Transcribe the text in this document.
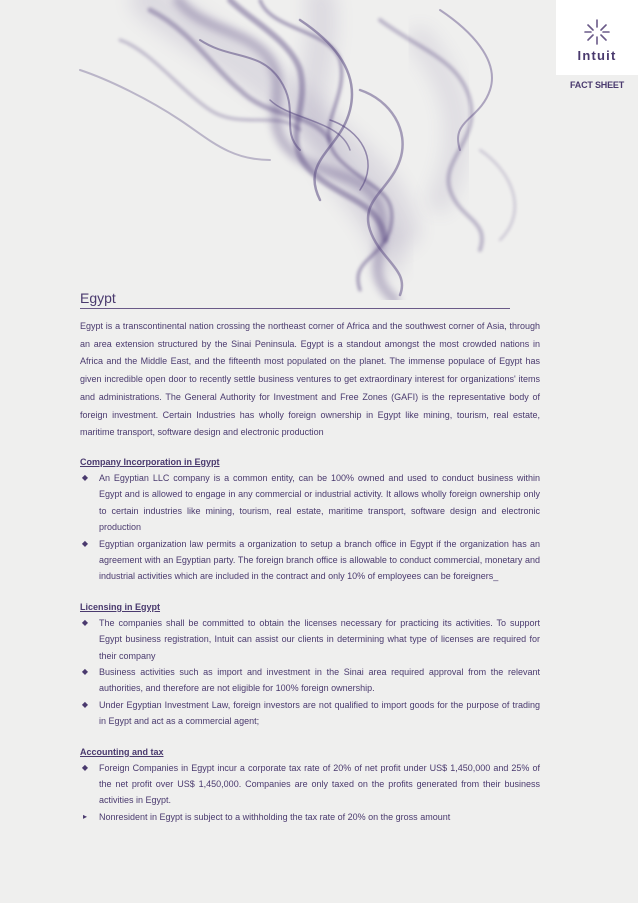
Intuit
FACT SHEET
Egypt

Egypt is a transcontinental nation crossing the northeast corner of Africa and the southwest corner of Asia, through an area extension structured by the Sinai Peninsula. Egypt is a standout amongst the most crowded nations in Africa and the Middle East, and the fifteenth most populated on the planet. The immense populace of Egypt has given incredible open door to recently settle business ventures to get extraordinary interest for organizations' items and administrations. The General Authority for Investment and Free Zones (GAFI) is the representative body of foreign investment. Certain Industries has wholly foreign ownership in Egypt like mining, tourism, real estate, maritime transport, software design and electronic production

Company Incorporation in Egypt
◆ An Egyptian LLC company is a common entity, can be 100% owned and used to conduct business within Egypt and is allowed to engage in any commercial or industrial activity. It allows wholly foreign ownership only to certain industries like mining, tourism, real estate, maritime transport, software design and electronic production
◆ Egyptian organization law permits a organization to setup a branch office in Egypt if the organization has an agreement with an Egyptian party. The foreign branch office is allowable to conduct commercial, monetary and industrial activities which are included in the contract and only 10% of employees can be foreigners_
Licensing in Egypt
◆ The companies shall be committed to obtain the licenses necessary for practicing its activities. To support Egypt business registration, Intuit can assist our clients in determining what type of licenses are required for their company
◆ Business activities such as import and investment in the Sinai area required approval from the relevant authorities, and therefore are not eligible for 100% foreign ownership.
◆ Under Egyptian Investment Law, foreign investors are not qualified to import goods for the purpose of trading in Egypt and act as a commercial agent;
Accounting and tax
◆ Foreign Companies in Egypt incur a corporate tax rate of 20% of net profit under US$ 1,450,000 and 25% of the net profit over US$ 1,450,000. Companies are only taxed on the profits generated from their business activities in Egypt.
▸	Nonresident in Egypt is subject to a withholding the tax rate of 20% on the gross amount
